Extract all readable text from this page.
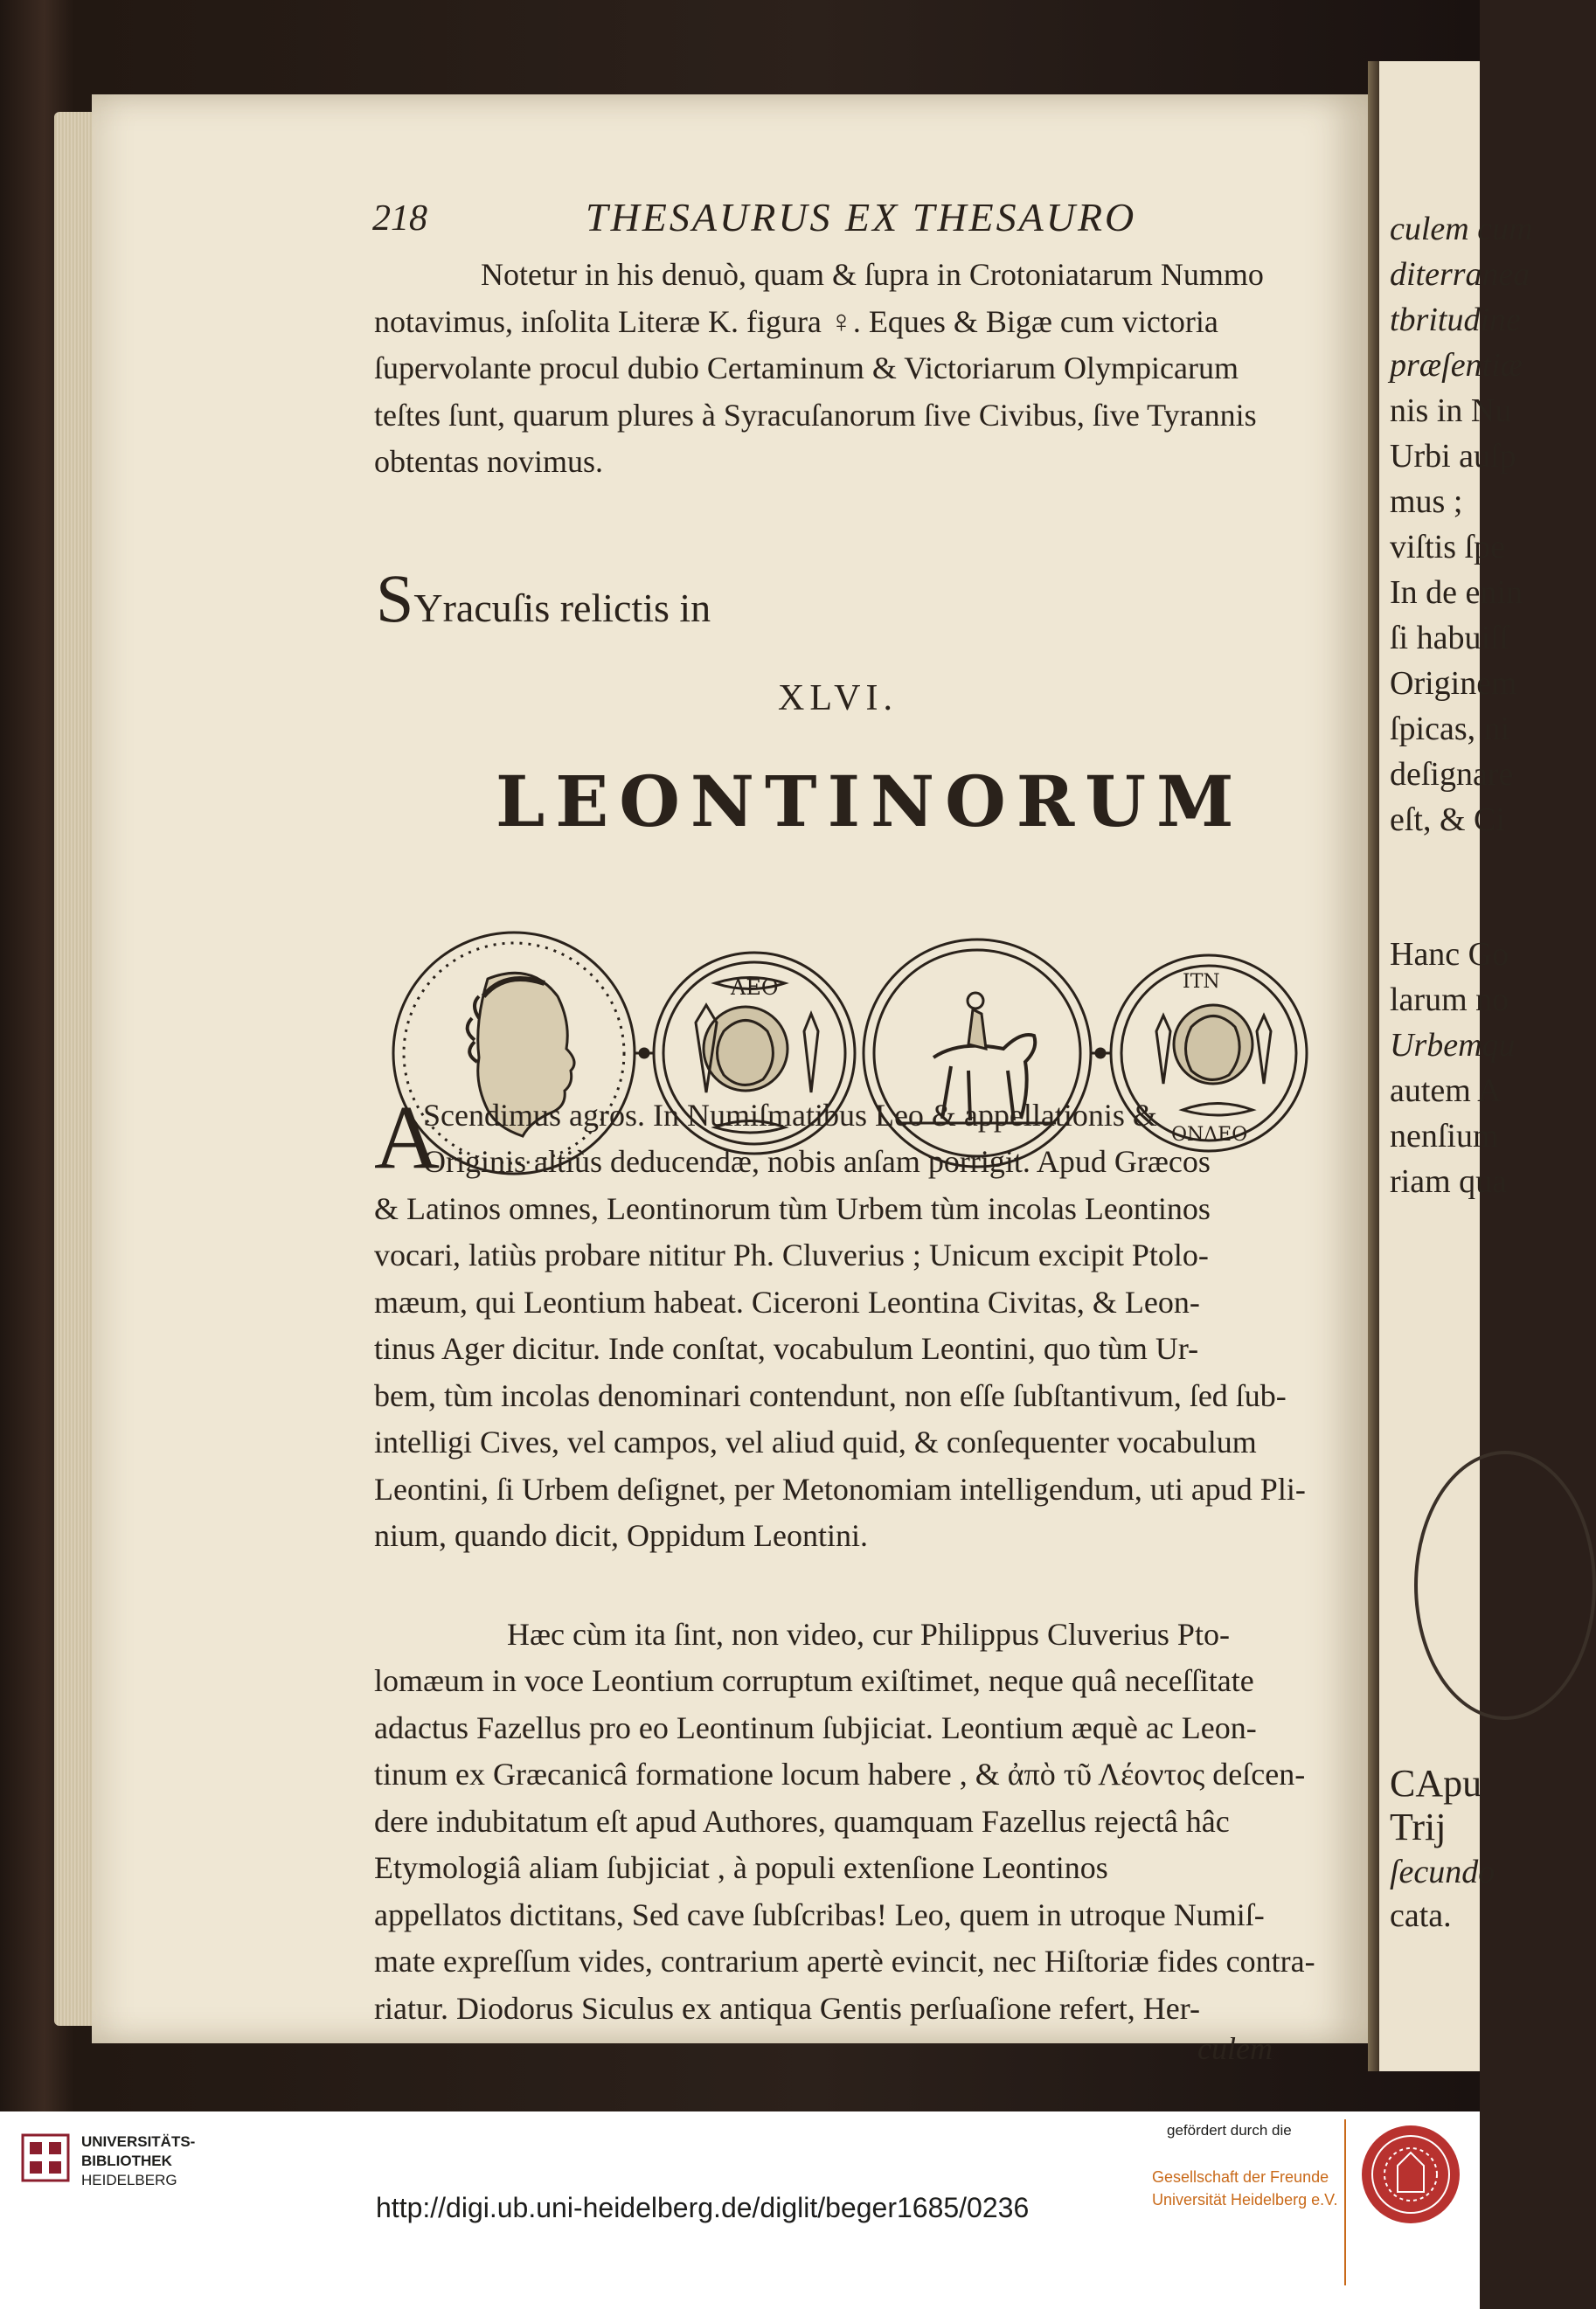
culem cum
diterranea
tbritudine
præſentiæ
nis in Nu
Urbi auſp
mus ;
viſtis ſpe
In de enin
ſi habuiſſ
Originem
ſpicas, ni
deſignare
eſt, & Ci
Hanc Go
larum no
Urbemqu
autem A
nenſium
riam qua
CApu
Trij
ſecundo
cata.
218	THESAURUS EX THESAURO
Notetur in his denuò, quam & ſupra in Crotoniatarum Nummo
notavimus, inſolita Literæ K. figura ♀. Eques & Bigæ cum victoria
ſupervolante procul dubio Certaminum & Victoriarum Olympicarum
teſtes ſunt, quarum plures à Syracuſanorum ſive Civibus, ſive Tyrannis
obtentas novimus.
SYracuſis relictis in
XLVI.
LEONTINORUM
ΛΕΟ	ΙΤΝ
ΟΝΛΕΟ
A
Scendimus agros. In Numiſmatibus Leo & appellationis &
Originis altiùs deducendæ, nobis anſam porrigit. Apud Græcos
& Latinos omnes, Leontinorum tùm Urbem tùm incolas Leontinos
vocari, latiùs probare nititur Ph. Cluverius ; Unicum excipit Ptolo-
mæum, qui Leontium habeat. Ciceroni Leontina Civitas, & Leon-
tinus Ager dicitur. Inde conſtat, vocabulum Leontini, quo tùm Ur-
bem, tùm incolas denominari contendunt, non eſſe ſubſtantivum, ſed ſub-
intelligi Cives, vel campos, vel aliud quid, & conſequenter vocabulum
Leontini, ſi Urbem deſignet, per Metonomiam intelligendum, uti apud Pli-
nium, quando dicit, Oppidum Leontini.
Hæc cùm ita ſint, non video, cur Philippus Cluverius Pto-
lomæum in voce Leontium corruptum exiſtimet, neque quâ neceſſitate
adactus Fazellus pro eo Leontinum ſubjiciat. Leontium æquè ac Leon-
tinum ex Græcanicâ formatione locum habere , & ἀπὸ τῦ Λέοντος deſcen-
dere indubitatum eſt apud Authores, quamquam Fazellus rejectâ hâc
Etymologiâ aliam ſubjiciat , à populi extenſione Leontinos
appellatos dictitans, Sed cave ſubſcribas! Leo, quem in utroque Numiſ-
mate expreſſum vides, contrarium apertè evincit, nec Hiſtoriæ fides contra-
riatur. Diodorus Siculus ex antiqua Gentis perſuaſione refert, Her-
culem
UNIVERSITÄTS-
BIBLIOTHEK
HEIDELBERG
http://digi.ub.uni-heidelberg.de/diglit/beger1685/0236
gefördert durch die
Gesellschaft der Freunde
Universität Heidelberg e.V.
